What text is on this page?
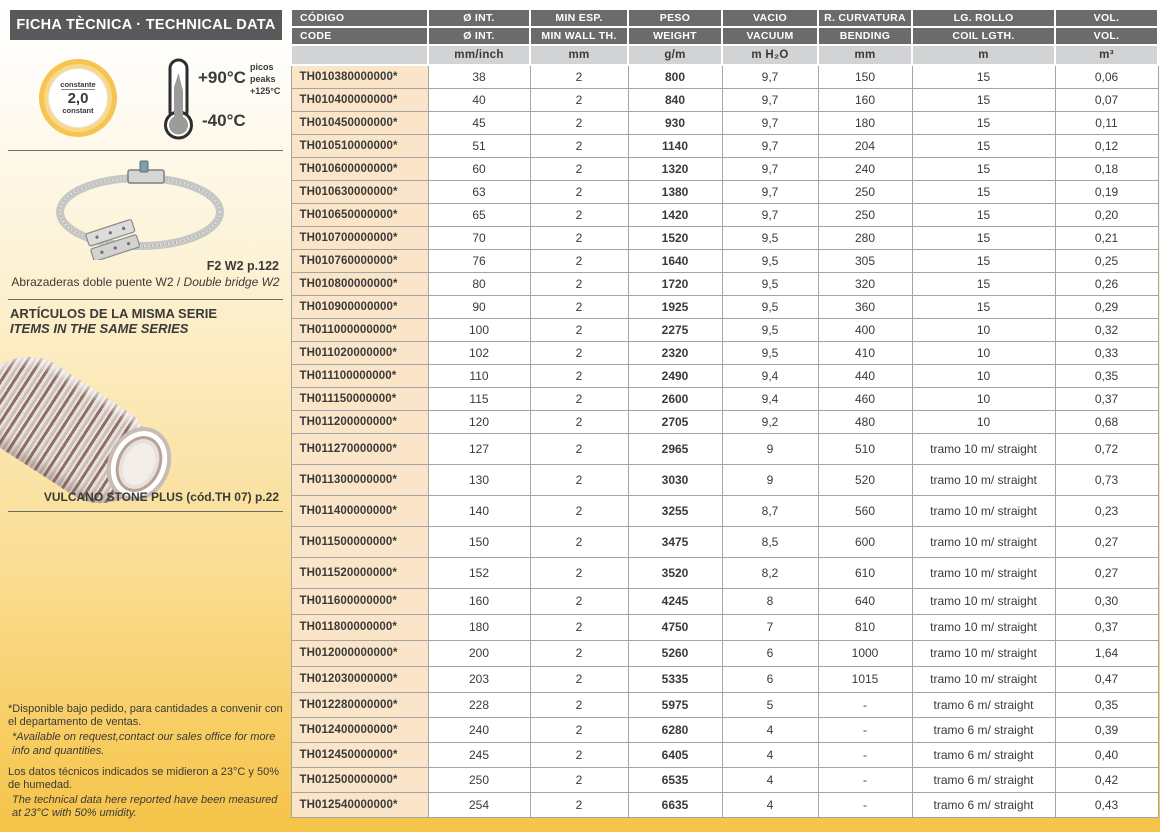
FICHA TÈCNICA · TECHNICAL DATA
constante
2,0
constant
+90°C
-40°C
picos
peaks
+125°C
F2 W2 p.122
Abrazaderas doble puente W2 / Double bridge W2
ARTÍCULOS DE LA MISMA SERIE
ITEMS IN THE SAME SERIES
VULCANO STONE PLUS (cód.TH 07) p.22

*Disponible bajo pedido, para cantidades a convenir con el departamento de ventas.

*Available on request,contact our sales office for more info and quantities.

Los datos técnicos indicados se midieron a 23°C y 50% de humedad.

The technical data here reported have been measured at 23°C with 50% umidity.

CÓDIGO	Ø INT.	MIN ESP.	PESO	VACIO	R. CURVATURA	LG. ROLLO	VOL.
CODE	Ø INT.	MIN WALL TH.	WEIGHT	VACUUM	BENDING	COIL LGTH.	VOL.
	mm/inch	mm	g/m	m H₂O	mm	m	m³
TH010380000000*	38	2	800	9,7	150	15	0,06
TH010400000000*	40	2	840	9,7	160	15	0,07
TH010450000000*	45	2	930	9,7	180	15	0,11
TH010510000000*	51	2	1140	9,7	204	15	0,12
TH010600000000*	60	2	1320	9,7	240	15	0,18
TH010630000000*	63	2	1380	9,7	250	15	0,19
TH010650000000*	65	2	1420	9,7	250	15	0,20
TH010700000000*	70	2	1520	9,5	280	15	0,21
TH010760000000*	76	2	1640	9,5	305	15	0,25
TH010800000000*	80	2	1720	9,5	320	15	0,26
TH010900000000*	90	2	1925	9,5	360	15	0,29
TH011000000000*	100	2	2275	9,5	400	10	0,32
TH011020000000*	102	2	2320	9,5	410	10	0,33
TH011100000000*	110	2	2490	9,4	440	10	0,35
TH011150000000*	115	2	2600	9,4	460	10	0,37
TH011200000000*	120	2	2705	9,2	480	10	0,68
TH011270000000*	127	2	2965	9	510	tramo 10 m/ straight	0,72
TH011300000000*	130	2	3030	9	520	tramo 10 m/ straight	0,73
TH011400000000*	140	2	3255	8,7	560	tramo 10 m/ straight	0,23
TH011500000000*	150	2	3475	8,5	600	tramo 10 m/ straight	0,27
TH011520000000*	152	2	3520	8,2	610	tramo 10 m/ straight	0,27
TH011600000000*	160	2	4245	8	640	tramo 10 m/ straight	0,30
TH011800000000*	180	2	4750	7	810	tramo 10 m/ straight	0,37
TH012000000000*	200	2	5260	6	1000	tramo 10 m/ straight	1,64
TH012030000000*	203	2	5335	6	1015	tramo 10 m/ straight	0,47
TH012280000000*	228	2	5975	5	-	tramo 6 m/ straight	0,35
TH012400000000*	240	2	6280	4	-	tramo 6 m/ straight	0,39
TH012450000000*	245	2	6405	4	-	tramo 6 m/ straight	0,40
TH012500000000*	250	2	6535	4	-	tramo 6 m/ straight	0,42
TH012540000000*	254	2	6635	4	-	tramo 6 m/ straight	0,43
